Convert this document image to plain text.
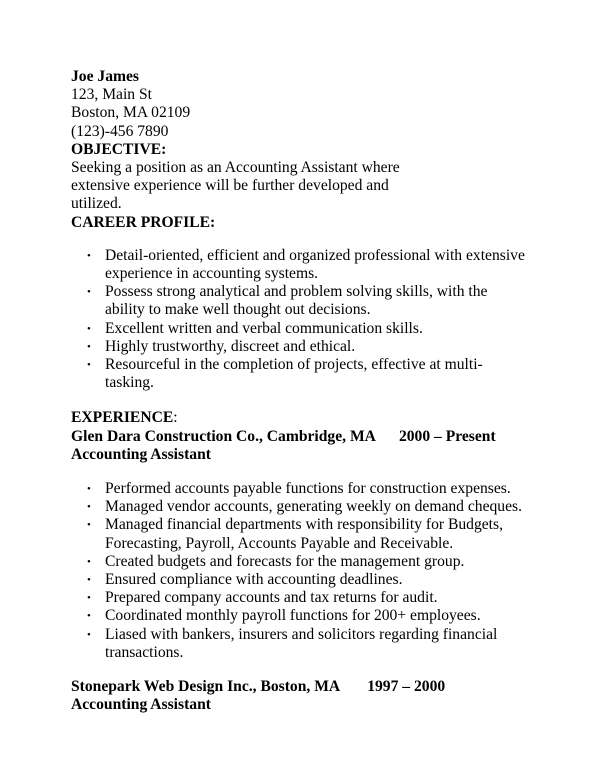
Joe James
123, Main St
Boston, MA 02109
(123)-456 7890
OBJECTIVE:
Seeking a position as an Accounting Assistant where extensive experience will be further developed and utilized.
CAREER PROFILE:
• Detail-oriented, efficient and organized professional with extensive experience in accounting systems.
• Possess strong analytical and problem solving skills, with the ability to make well thought out decisions.
• Excellent written and verbal communication skills.
• Highly trustworthy, discreet and ethical.
• Resourceful in the completion of projects, effective at multi-tasking.
EXPERIENCE:
Glen Dara Construction Co., Cambridge, MA 2000 – Present
Accounting Assistant
• Performed accounts payable functions for construction expenses.
• Managed vendor accounts, generating weekly on demand cheques.
• Managed financial departments with responsibility for Budgets, Forecasting, Payroll, Accounts Payable and Receivable.
• Created budgets and forecasts for the management group.
• Ensured compliance with accounting deadlines.
• Prepared company accounts and tax returns for audit.
• Coordinated monthly payroll functions for 200+ employees.
• Liased with bankers, insurers and solicitors regarding financial transactions.
Stonepark Web Design Inc., Boston, MA 1997 – 2000
Accounting Assistant
